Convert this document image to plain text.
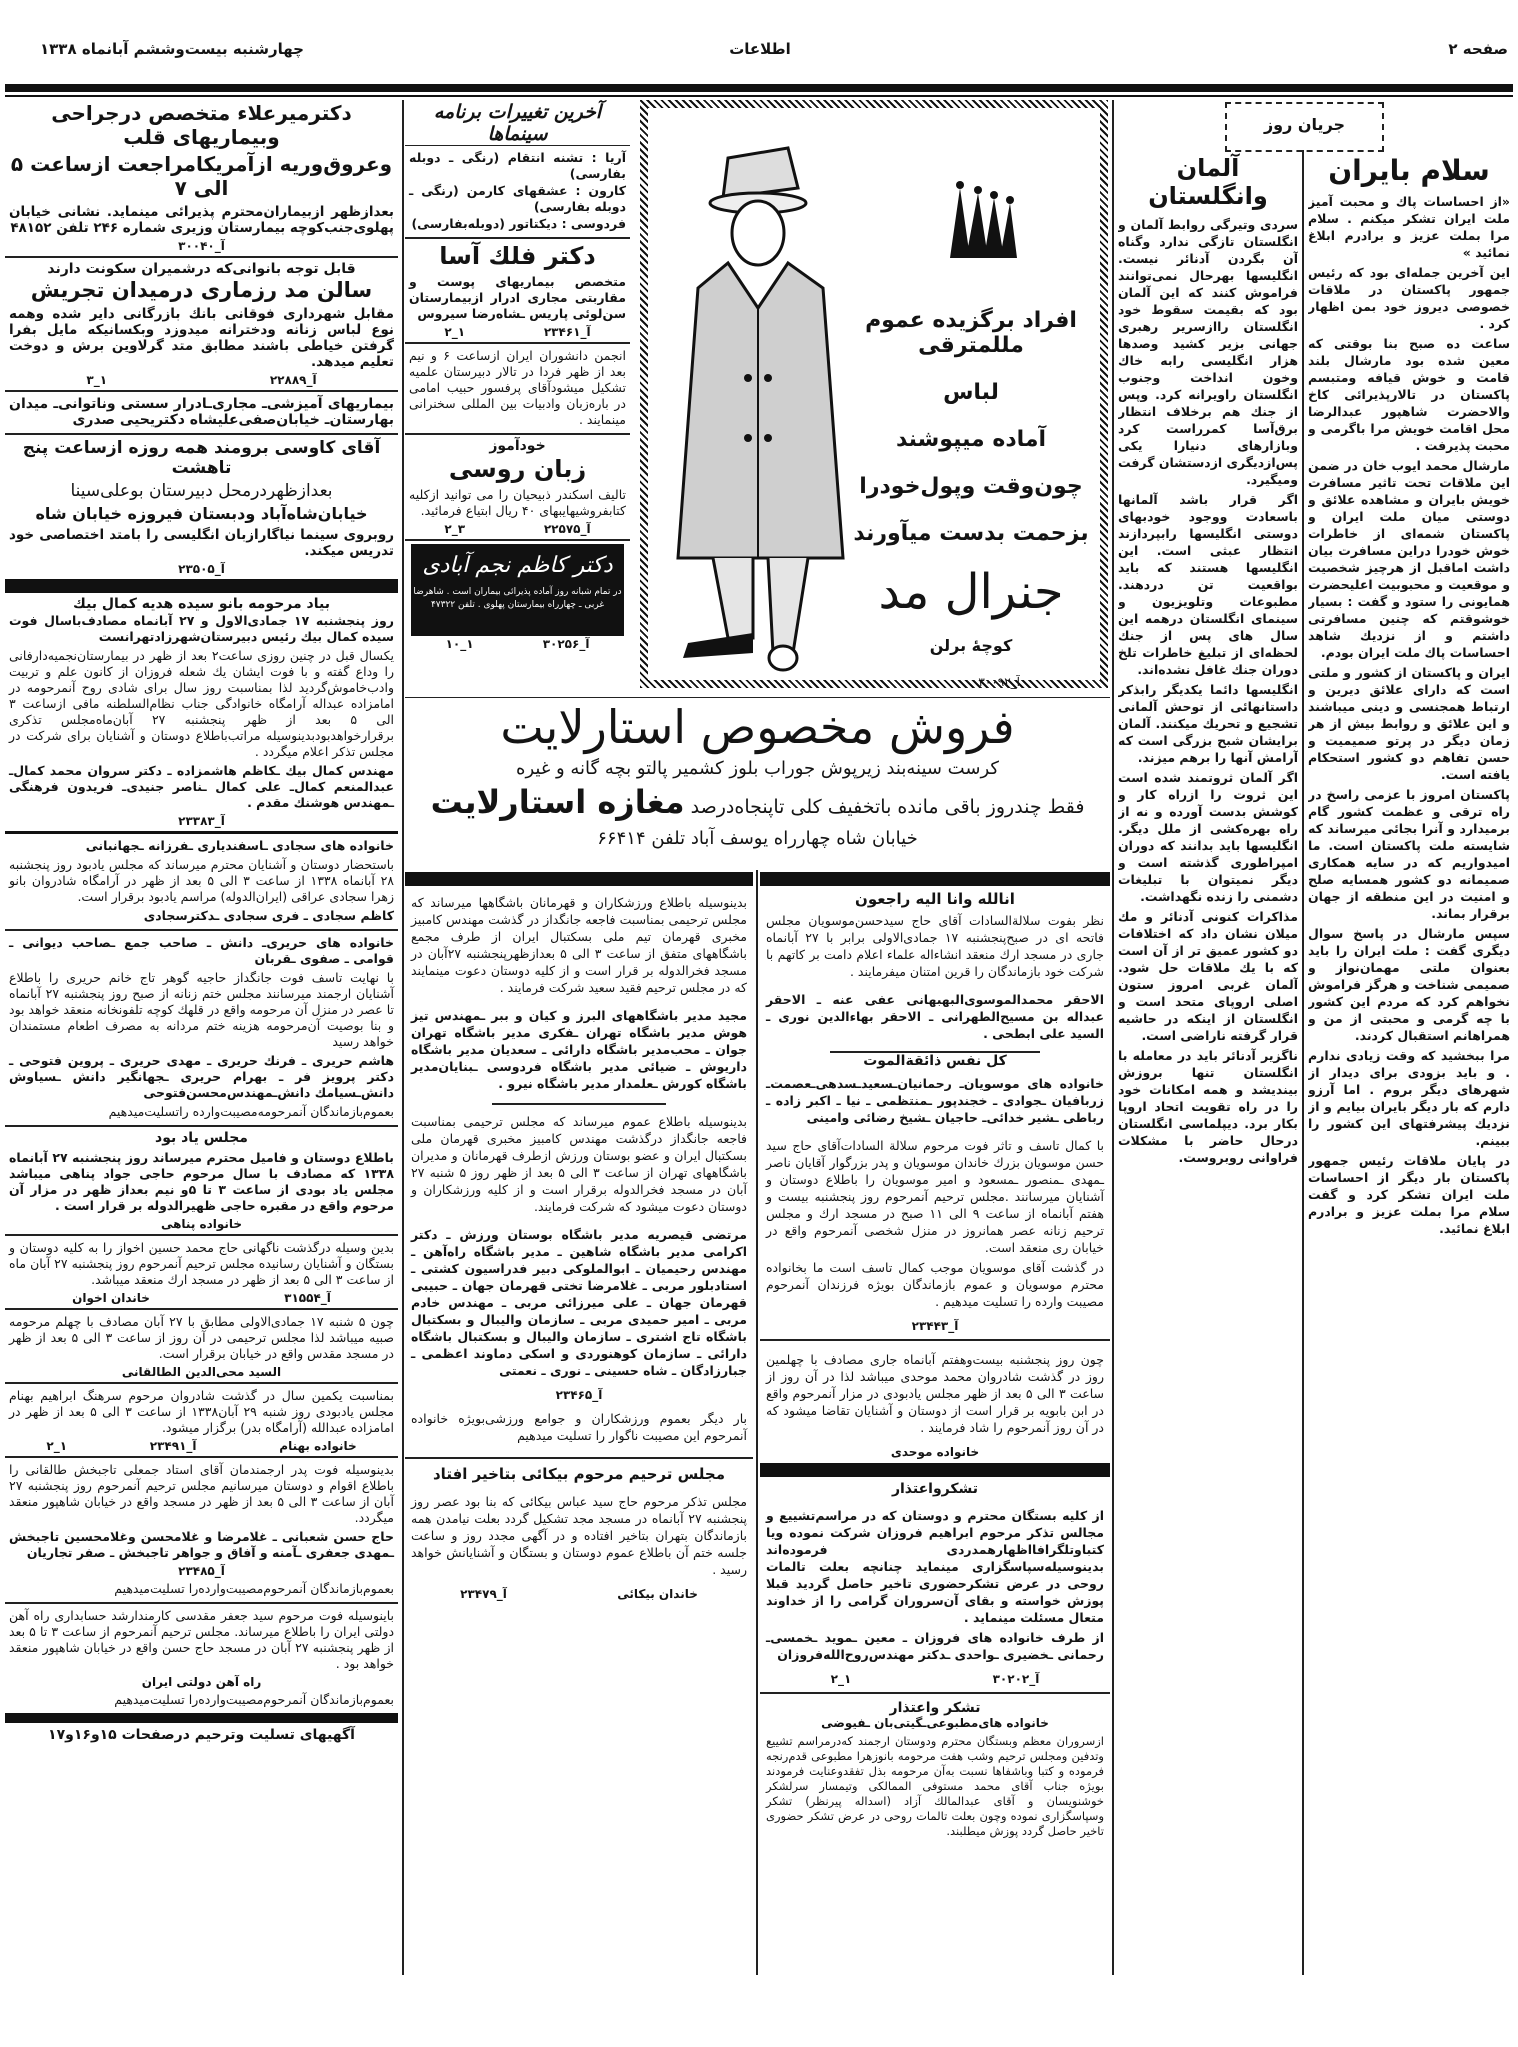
صفحه ۲
اطلاعات
چهارشنبه بیست‌وششم آبانماه ۱۳۳۸
جریان روز
سلام بایران

«از احساسات پاك و محبت آمیز ملت ایران تشكر میكنم . سلام مرا بملت عزیز و برادرم ابلاغ نمائید »

این آخرین جمله‌ای بود كه رئیس جمهور پاكستان در ملاقات خصوصی دیروز خود بمن اظهار كرد .

ساعت ده صبح بنا بوقتی كه معین شده بود مارشال بلند قامت و خوش قیافه ومتبسم پاكستان در تالارپذیرائی كاخ والاحضرت شاهپور عبدالرضا محل اقامت خویش مرا باگرمی و محبت پذیرفت .

مارشال محمد ایوب خان در ضمن این ملاقات تحت تاثیر مسافرت خویش بایران و مشاهده علائق و دوستی میان ملت ایران و پاكستان شمه‌ای از خاطرات خوش خودرا دراین مسافرت بیان داشت اماقبل از هرچیز شخصیت و موقعیت و محبوبیت اعلیحضرت همایونی را ستود و گفت : بسیار خوشوقتم كه چنین مسافرتی داشتم و از نزدیك شاهد احساسات پاك ملت ایران بودم.

ایران و پاكستان از كشور و ملتی است كه دارای علائق دیرین و ارتباط همجنسی و دینی میباشند و این علائق و روابط بیش از هر زمان دیگر در پرتو صمیمیت و حسن تفاهم دو كشور استحكام یافته است.

پاكستان امروز با عزمی راسخ در راه ترقی و عظمت كشور گام برمیدارد و آنرا بجائی میرساند كه شایسته ملت پاكستان است. ما امیدواریم كه در سایه همكاری صمیمانه دو كشور همسایه صلح و امنیت در این منطقه از جهان برقرار بماند.

سپس مارشال در پاسخ سوال دیگری گفت : ملت ایران را باید بعنوان ملتی مهمان‌نواز و صمیمی شناخت و هرگز فراموش نخواهم كرد كه مردم این كشور با چه گرمی و محبتی از من و همراهانم استقبال كردند.

مرا ببخشید كه وقت زیادی ندارم . و باید بزودی برای دیدار از شهرهای دیگر بروم . اما آرزو دارم كه بار دیگر بایران بیایم و از نزدیك پیشرفتهای این كشور را ببینم.

در پایان ملاقات رئیس جمهور پاكستان بار دیگر از احساسات ملت ایران تشكر كرد و گفت سلام مرا بملت عزیز و برادرم ابلاغ نمائید.

آلمان وانگلستان

سردی وتیرگی روابط آلمان و انگلستان تازگی ندارد وگناه آن بگردن آدنائر نیست. انگلیسها بهرحال نمی‌توانند فراموش كنند كه این آلمان بود كه بقیمت سقوط خود انگلستان راازسریر رهبری جهانی بزیر كشید وصدها هزار انگلیسی رابه خاك وخون انداخت وجنوب انگلستان راویرانه كرد. وپس از جنك هم برخلاف انتظار برق‌آسا كمرراست كرد وبازارهای دنیارا یكی پس‌ازدیگری ازدستشان گرفت ومیگیرد.

اگر قرار باشد آلمانها باسعادت ووجود خودبهای دوستی انگلیسها رابپردازند انتظار عبثی است. این انگلیسها هستند كه باید بواقعیت تن دردهند. مطبوعات وتلویزیون و سینمای انگلستان درهمه این سال های پس از جنك لحظه‌ای از تبلیغ خاطرات تلخ دوران جنك غافل نشده‌اند.

انگلیسها دائما یكدیگر رابذكر داستانهائی از توحش آلمانی تشجیع و تحریك میكنند. آلمان برایشان شبح بزرگی است كه آرامش آنها را برهم میزند.

اگر آلمان ثروتمند شده است این ثروت را ازراه كار و كوشش بدست آورده و نه از راه بهره‌كشی از ملل دیگر. انگلیسها باید بدانند كه دوران امپراطوری گذشته است و دیگر نمیتوان با تبلیغات دشمنی را زنده نگهداشت.

مذاكرات كنونی آدنائر و مك میلان نشان داد كه اختلافات دو كشور عمیق تر از آن است كه با یك ملاقات حل شود. آلمان غربی امروز ستون اصلی اروپای متحد است و انگلستان از اینكه در حاشیه قرار گرفته ناراضی است.

ناگزیر آدنائر باید در معامله با انگلستان تنها بروزش بیندیشد و همه امكانات خود را در راه تقویت اتحاد اروپا بكار برد. دیپلماسی انگلستان درحال حاضر با مشكلات فراوانی روبروست.

افراد برگزیده عموم مللمترقی
لباس
آماده میپوشند
چون‌وقت وپول‌خودرا
بزحمت بدست میآورند
جنرال مد
كوچهٔ برلن
آ_۳۰۰۹۲
آخرین تغییرات برنامه سینماها

آریا : تشنه انتقام (رنگی ـ دوبله بفارسی)

كارون : عشقهای كارمن (رنگی ـ دوبله بفارسی)

فردوسی : دیكتاتور (دوبله‌بفارسی)

دكتر فلك آسا

متخصص بیماریهای پوست و مقاربتی مجاری ادرار ازبیمارستان سن‌لوئی پاریس ـشاه‌رضا سیروس

آ_۲۳۴۶۱
۱_۲

انجمن دانشوران ایران ازساعت ۶ و نیم بعد از ظهر فردا در تالار دبیرستان علمیه تشكیل میشودآقای پرفسور حبیب امامی در باره‌زبان وادبیات بین المللی سخنرانی مینمایند .

خودآموز
زبان روسی

تالیف اسكندر ذبیحیان را می توانید ازكلیه كتابفروشیهایبهای ۴۰ ریال ابتیاع فرمائید.

آ_۲۲۵۷۵
۳_۲
دكتر كاظم نجم آبادی
در تمام شبانه روز آماده پذیرائی بیماران است . شاهرضا غربی ـ چهارراه بیمارستان پهلوی . تلفن ۴۷۳۲۲
آ_۳۰۲۵۶
۱_۱۰
فروش مخصوص استارلایت
كرست سینه‌بند زیرپوش جوراب بلوز كشمیر پالتو بچه گانه و غیره
فقط چندروز باقی مانده باتخفیف كلی تاپنجاه‌درصد مغازه استارلایت
خیابان شاه چهارراه یوسف آباد تلفن ۶۶۴۱۴

بدینوسیله باطلاع ورزشكاران و قهرمانان باشگاهها میرساند كه مجلس ترحیمی بمناسبت فاجعه جانگداز در گذشت مهندس كامبیز مخبری قهرمان تیم ملی بسكتبال ایران از طرف مجمع باشگاههای متفق از ساعت ۳ الی ۵ بعدازظهرپنجشنبه ۲۷آبان در مسجد فخرالدوله بر قرار است و از كلیه دوستان دعوت مینمایند كه در مجلس ترحیم فقید سعید شركت فرمایند .

مجید مدیر باشگاههای البرز و كیان و ببر ـمهندس تیز هوش مدیر باشگاه تهران ـفكری مدیر باشگاه تهران جوان ـ محب‌مدیر باشگاه دارائی ـ سعدیان مدیر باشگاه داریوش ـ ضیائی مدیر باشگاه فردوسی ـبنایان‌مدیر باشگاه كورش ـعلمدار مدیر باشگاه نیرو .

بدینوسیله باطلاع عموم میرساند كه مجلس ترحیمی بمناسبت فاجعه جانگداز درگذشت مهندس كامبیز مخبری قهرمان ملی بسكتبال ایران و عضو بوستان ورزش ازطرف قهرمانان و مدیران باشگاههای تهران از ساعت ۳ الی ۵ بعد از ظهر روز ۵ شنبه ۲۷ آبان در مسجد فخرالدوله برقرار است و از كلیه ورزشكاران و دوستان دعوت میشود كه شركت فرمایند.

مرتضی قیصریه مدیر باشگاه بوستان ورزش ـ دكتر اكرامی مدیر باشگاه شاهین ـ مدیر باشگاه راه‌آهن ـ مهندس رحیمیان ـ ابوالملوكی دبیر فدراسیون كشتی ـ استاد‌بلور مربی ـ غلامرضا تختی قهرمان جهان ـ حبیبی قهرمان جهان ـ علی میرزائی مربی ـ مهندس خادم مربی ـ امیر حمیدی مربی ـ سازمان والیبال و بسكتبال باشگاه تاج اشتری ـ سازمان والیبال و بسكتبال باشگاه دارائی ـ سازمان كوهنوردی و اسكی دماوند اعظمی ـ جبارزادگان ـ شاه حسینی ـ نوری ـ نعمتی

آ_۲۳۴۶۵

بار دیگر بعموم ورزشكاران و جوامع ورزشی‌بویژه خانواده آنمرحوم این مصیبت ناگوار را تسلیت میدهیم

مجلس ترحیم مرحوم بیكائی بتاخیر افتاد

مجلس تذكر مرحوم حاج سید عباس بیكائی كه بنا بود عصر روز پنجشنبه ۲۷ آبانماه در مسجد مجد تشكیل گردد بعلت نیامدن همه بازماندگان بتهران بتاخیر افتاده و در آگهی مجدد روز و ساعت جلسه ختم آن باطلاع عموم دوستان و بستگان و آشنایانش خواهد رسید .

خاندان بیكائی
آ_۲۳۴۷۹
انالله وانا الیه راجعون

نظر بفوت سلالة‌السادات آقای حاج سیدحسن‌موسویان مجلس فاتحه ای در صبح‌پنجشنبه ۱۷ جمادی‌الاولی برابر با ۲۷ آبانماه جاری در مسجد ارك منعقد انشاءاله علماء اعلام دامت بر كاتهم با شركت خود بازماندگان را قرین امتنان میفرمایند .

الاحقر محمدالموسوی‌البهبهانی عفی عنه ـ الاحقر عبداله بن مسیح‌الطهرانی ـ الاحقر بهاءالدین نوری ـ السید علی ابطحی .

كل نفس ذائقةالموت

خانواده های موسویان‌ـ رحمانیان‌ـسعید‌ـسدهی‌ـعصمت‌ـ زربافیان ـجوادی ـ خجندپور ـمنتظمی ـ نیا ـ اكبر زاده ـ رباطی ـشیر خدائی‌ـ حاجیان ـشیخ رضائی وامینی

با كمال تاسف و تاثر فوت مرحوم سلالة السادات‌آقای حاج سید حسن موسویان بزرك خاندان موسویان و پدر بزرگوار آقایان ناصر ـمهدی ـمنصور ـمسعود و امیر موسویان را باطلاع دوستان و آشنایان میرسانند .مجلس ترحیم آنمرحوم روز پنجشنبه بیست و هفتم آبانماه از ساعت ۹ الی ۱۱ صبح در مسجد ارك و مجلس ترحیم زنانه عصر همانروز در منزل شخصی آنمرحوم واقع در خیابان ری منعقد است.

در گذشت آقای موسویان موجب كمال تاسف است ما بخانواده محترم موسویان و عموم بازماندگان بویژه فرزندان آنمرحوم مصیبت وارده را تسلیت میدهیم .

آ_۲۳۴۴۳

چون روز پنجشنبه بیست‌وهفتم آبانماه جاری مصادف با چهلمین روز در گذشت شادروان محمد موحدی میباشد لذا در آن روز از ساعت ۳ الی ۵ بعد از ظهر مجلس یادبودی در مزار آنمرحوم واقع در ابن بابویه بر قرار است از دوستان و آشنایان تقاضا میشود كه در آن روز آنمرحوم را شاد فرمایند .

خانواده موحدی
تشكرواعتذار

از كلیه بستگان محترم و دوستان كه در مراسم‌تشییع و مجالس تذكر مرحوم ابراهیم فروزان شركت نموده ویا كتباوتلگرافااظهارهمدردی فرموده‌اند بدینوسیله‌سپاسگزاری مینماید چنانچه بعلت تالمات روحی در عرض تشكرحضوری تاخیر حاصل گردید قبلا پوزش خواسته و بقای آن‌سروران گرامی را از خداوند متعال مسئلت مینماید .

از طرف خانواده های فروزان ـ معین ـموید ـخمسی‌ـ رحمانی ـخضیری ـواحدی ـدكتر مهندس‌روح‌الله‌فروزان

آ_۳۰۲۰۲
۱_۲
تشكر واعتذار
خانواده های‌مطبوعی‌ـگیتی‌بان ـفیوضی

ازسروران معظم وبستگان محترم ودوستان ارجمند كه‌درمراسم تشییع وتدفین ومجلس ترحیم وشب هفت مرحومه بانوزهرا مطبوعی قدم‌رنجه فرموده و كتبا وباشفاها نسبت به‌آن مرحومه بذل تفقدوعنایت فرمودند بویژه جناب آقای محمد مستوفی الممالكی وتیمسار سرلشكر خوشنویسان و آقای عبدالمالك آزاد (اسداله پیرنظر) تشكر وسپاسگزاری نموده وچون بعلت تالمات روحی در عرض تشكر حضوری تاخیر حاصل گردد پوزش میطلبند.

دكترمیرعلاء متخصص درجراحی وبیماریهای قلب
وعروق‌وریه ازآمریكامراجعت ازساعت ۵ الی ۷

بعدازظهر ازبیماران‌محترم پذیرائی مینماید. نشانی خیابان پهلوی‌جنب‌كوچه بیمارستان وزیری شماره ۲۴۶ تلفن ۴۸۱۵۲

آ_۳۰۰۴۰
قابل توجه بانوانی‌كه درشمیران سكونت دارند
سالن مد رزماری درمیدان تجریش

مقابل شهرداری فوقانی بانك بازرگانی دایر شده وهمه نوع لباس زنانه ودخترانه میدوزد وبكسانیكه مایل بفرا گرفتن خیاطی باشند مطابق متد گرلاوین برش و دوخت تعلیم میدهد.

آ_۲۲۸۸۹
۱_۳

بیماریهای آمیزشی‌ـ مجاری‌ـادرار سستی وناتوانی‌ـ میدان بهارستان‌ـ خیابان‌صفی‌علیشاه دكتریحیی صدری

آقای كاوسی برومند همه روزه ازساعت پنج تاهشت
بعدازظهردرمحل دبیرستان بوعلی‌سینا
خیابان‌شاه‌آباد ودبستان فیروزه خیابان شاه

روبروی سینما نیاگارازبان انگلیسی را بامتد اختصاصی خود تدریس میكند.

آ_۲۳۵۰۵
بیاد مرحومه بانو سیده هدیه كمال بیك

روز پنجشنبه ۱۷ جمادی‌الاول و ۲۷ آبانماه مصادف‌باسال فوت سیده كمال بیك رئیس دبیرستان‌شهرزادتهرانست

یكسال قبل در چنین روزی ساعت۲ بعد از ظهر در بیمارستان‌نجمیه‌دارفانی را وداع گفته و با فوت ایشان یك شعله فروزان از كانون علم و تربیت وادب‌خاموش‌گردید لذا بمناسبت روز سال برای شادی روح آنمرحومه در امامزاده عبداله آرامگاه خانوادگی جناب نظام‌السلطنه مافی ازساعت ۳ الی ۵ بعد از ظهر پنجشنبه ۲۷ آبان‌ماه‌مجلس تذكری برقرارخواهدبودبدینوسیله مراتب‌باطلاع دوستان و آشنایان برای شركت در مجلس تذكر اعلام میگردد .

مهندس كمال بیك ـكاظم هاشمزاده ـ دكتر سروان محمد كمال‌ـ عبدالمنعم كمال‌ـ علی كمال ـناصر جنیدی‌ـ فریدون فرهنگی ـمهندس هوشنك مقدم .

آ_۲۳۳۸۳

خانواده های سجادی ـاسفندیاری ـفرزانه ـجهانبانی

باستحضار دوستان و آشنایان محترم میرساند كه مجلس یادبود روز پنجشنبه ۲۸ آبانماه ۱۳۳۸ از ساعت ۳ الی ۵ بعد از ظهر در آرامگاه شادروان بانو زهرا سجادی عراقی (ایران‌الدوله) مراسم یادبود برقرار است.

كاظم سجادی ـ فری سجادی ـدكترسجادی

خانواده های حریری‌ـ دانش ـ صاحب جمع ـصاحب دیوانی ـ قوامی ـ صفوی ـقربان

با نهایت تاسف فوت جانگداز حاجیه گوهر تاج خانم حریری را باطلاع آشنایان ارجمند میرسانند مجلس ختم زنانه از صبح روز پنجشنبه ۲۷ آبانماه تا عصر در منزل آن مرحومه واقع در قلهك كوچه تلفونخانه منعقد خواهد بود و بنا بوصیت آن‌مرحومه هزینه ختم مردانه به مصرف اطعام مستمندان خواهد رسید

هاشم حریری ـ فرنك حریری ـ مهدی حریری ـ پروین فتوحی ـ دكتر پرویز فر ـ بهرام حریری ـجهانگیر دانش ـسیاوش دانش‌ـسیامك دانش‌ـمهندس‌محسن‌فتوحی

بعموم‌بازماندگان آنمرحومه‌مصیبت‌وارده راتسلیت‌میدهیم

مجلس یاد بود

باطلاع دوستان و فامیل محترم میرساند روز پنجشنبه ۲۷ آبانماه ۱۳۳۸ كه مصادف با سال مرحوم حاجی جواد پناهی میباشد مجلس یاد بودی از ساعت ۳ تا ۵و نیم بعداز ظهر در مزار آن مرحوم واقع در مقبره حاجی ظهیرالدوله بر قرار است .

خانواده پناهی

بدین وسیله درگذشت ناگهانی حاج محمد حسین اخواز را به كلیه دوستان و بستگان و آشنایان رسانیده مجلس ترحیم آنمرحوم روز پنجشنبه ۲۷ آبان ماه از ساعت ۳ الی ۵ بعد از ظهر در مسجد ارك منعقد میباشد.

آ_۳۱۵۵۴
خاندان اخوان

چون ۵ شنبه ۱۷ جمادی‌الاولی مطابق با ۲۷ آبان مصادف با چهلم مرحومه صبیه میباشد لذا مجلس ترحیمی در آن روز از ساعت ۳ الی ۵ بعد از ظهر در مسجد مقدس واقع در خیابان برقرار است.

السید محی‌الدین الطالقانی

بمناسبت یكمین سال در گذشت شادروان مرحوم سرهنگ ابراهیم بهنام مجلس یادبودی روز شنبه ۲۹ آبان۱۳۳۸ از ساعت ۳ الی ۵ بعد از ظهر در امامزاده عبدالله (آرامگاه بدر) برگزار میشود.

خانواده بهنام
آ_۲۳۴۹۱
۱_۲

بدینوسیله فوت پدر ارجمندمان آقای استاد جمعلی تاجبخش طالقانی را باطلاع اقوام و دوستان میرسانیم مجلس ترحیم آنمرحوم روز پنجشنبه ۲۷ آبان از ساعت ۳ الی ۵ بعد از ظهر در مسجد واقع در خیابان شاهپور منعقد میگردد.

حاج حسن شعبانی ـ غلامرضا و غلامحسن وغلامحسین تاجبخش ـمهدی جعفری ـآمنه و آفاق و جواهر تاجبخش ـ صفر تجاریان

آ_۲۳۴۸۵

بعموم‌بازماندگان آنمرحوم‌مصیبت‌وارده‌را تسلیت‌میدهیم

باینوسیله فوت مرحوم سید جعفر مقدسی كارمندارشد حسابداری راه آهن دولتی ایران را باطلاع میرساند. مجلس ترحیم آنمرحوم از ساعت ۳ تا ۵ بعد از ظهر پنجشنبه ۲۷ آبان در مسجد حاج حسن واقع در خیابان شاهپور منعقد خواهد بود .

راه آهن دولتی ایران

بعموم‌بازماندگان آنمرحوم‌مصیبت‌وارده‌را تسلیت‌میدهیم

آگهیهای تسلیت وترحیم درصفحات ۱۵و۱۶و۱۷
